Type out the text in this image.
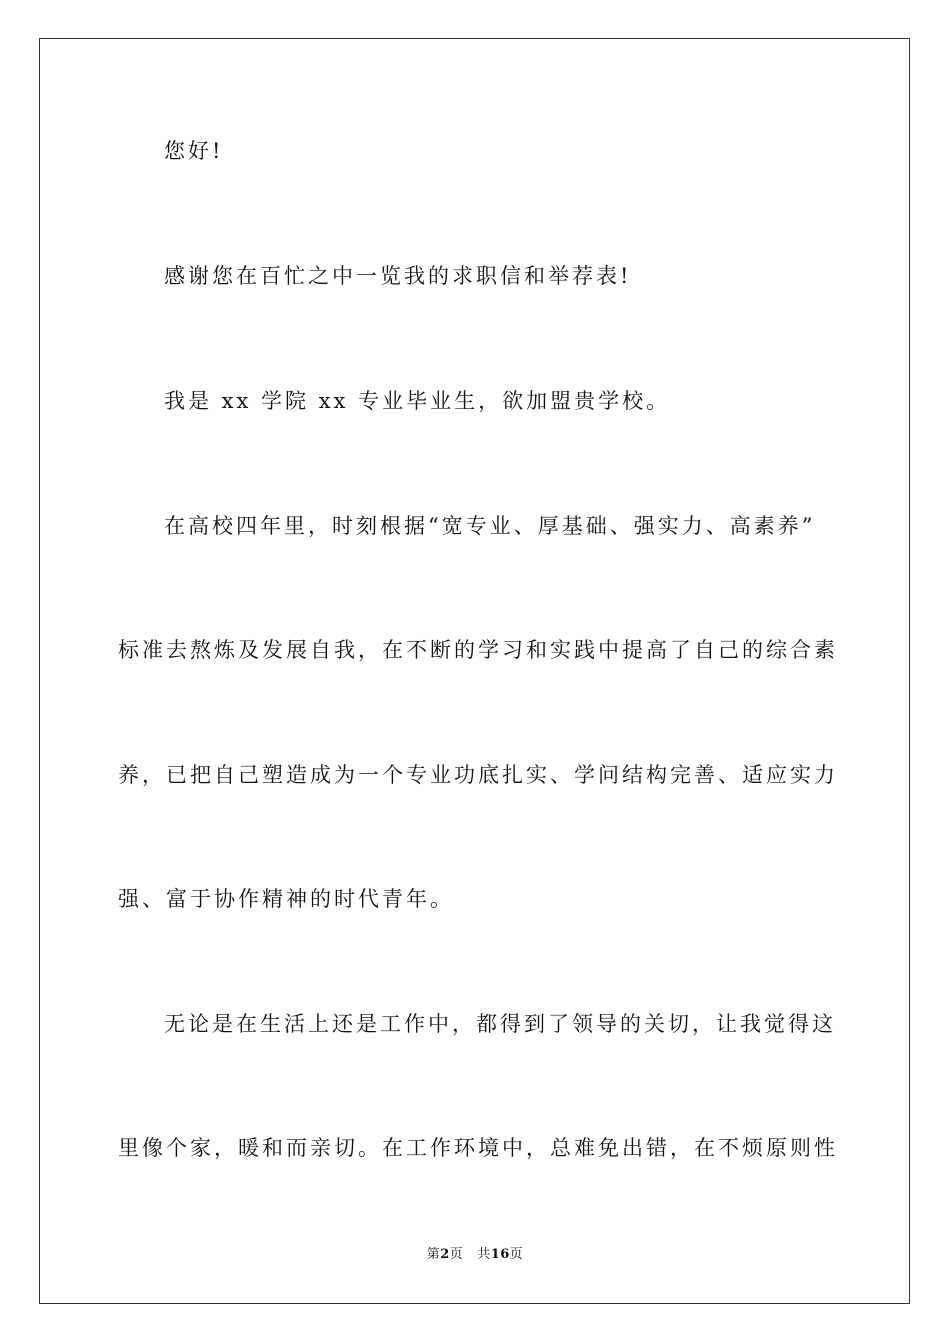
您好!
感谢您在百忙之中一览我的求职信和举荐表!
我是 xx 学院 xx 专业毕业生，欲加盟贵学校。
在高校四年里，时刻根据“宽专业、厚基础、强实力、高素养”
标准去熬炼及发展自我，在不断的学习和实践中提高了自己的综合素
养，已把自己塑造成为一个专业功底扎实、学问结构完善、适应实力
强、富于协作精神的时代青年。
无论是在生活上还是工作中，都得到了领导的关切，让我觉得这
里像个家，暖和而亲切。在工作环境中，总难免出错，在不烦原则性
第2页 共16页
